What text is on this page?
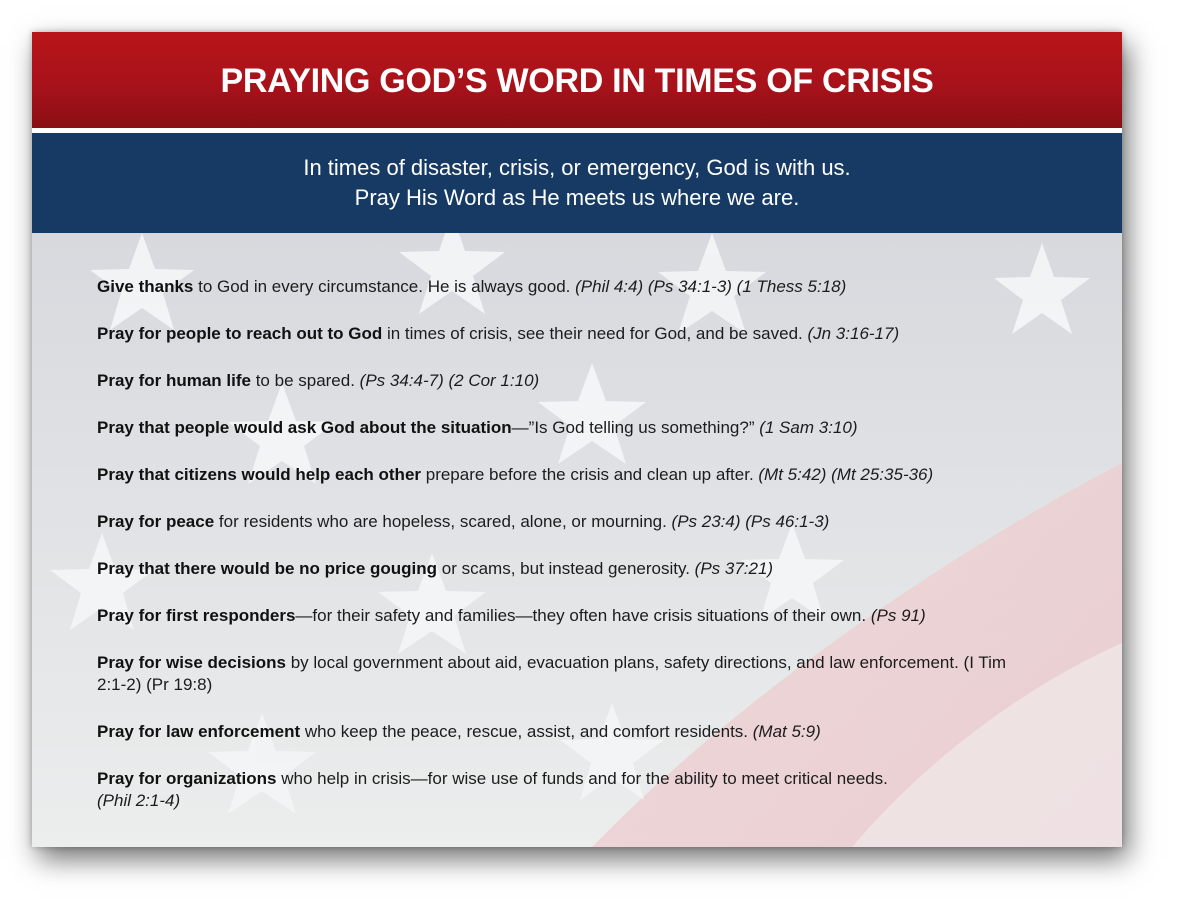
PRAYING GOD’S WORD IN TIMES OF CRISIS
In times of disaster, crisis, or emergency, God is with us.
Pray His Word as He meets us where we are.
Give thanks to God in every circumstance. He is always good. (Phil 4:4) (Ps 34:1-3) (1 Thess 5:18)
Pray for people to reach out to God in times of crisis, see their need for God, and be saved. (Jn 3:16-17)
Pray for human life to be spared. (Ps 34:4-7) (2 Cor 1:10)
Pray that people would ask God about the situation—”Is God telling us something?” (1 Sam 3:10)
Pray that citizens would help each other prepare before the crisis and clean up after. (Mt 5:42) (Mt 25:35-36)
Pray for peace for residents who are hopeless, scared, alone, or mourning. (Ps 23:4) (Ps 46:1-3)
Pray that there would be no price gouging or scams, but instead generosity. (Ps 37:21)
Pray for first responders—for their safety and families—they often have crisis situations of their own. (Ps 91)
Pray for wise decisions by local government about aid, evacuation plans, safety directions, and law enforcement. (I Tim 2:1-2) (Pr 19:8)
Pray for law enforcement who keep the peace, rescue, assist, and comfort residents. (Mat 5:9)
Pray for organizations who help in crisis—for wise use of funds and for the ability to meet critical needs.
(Phil 2:1-4)
